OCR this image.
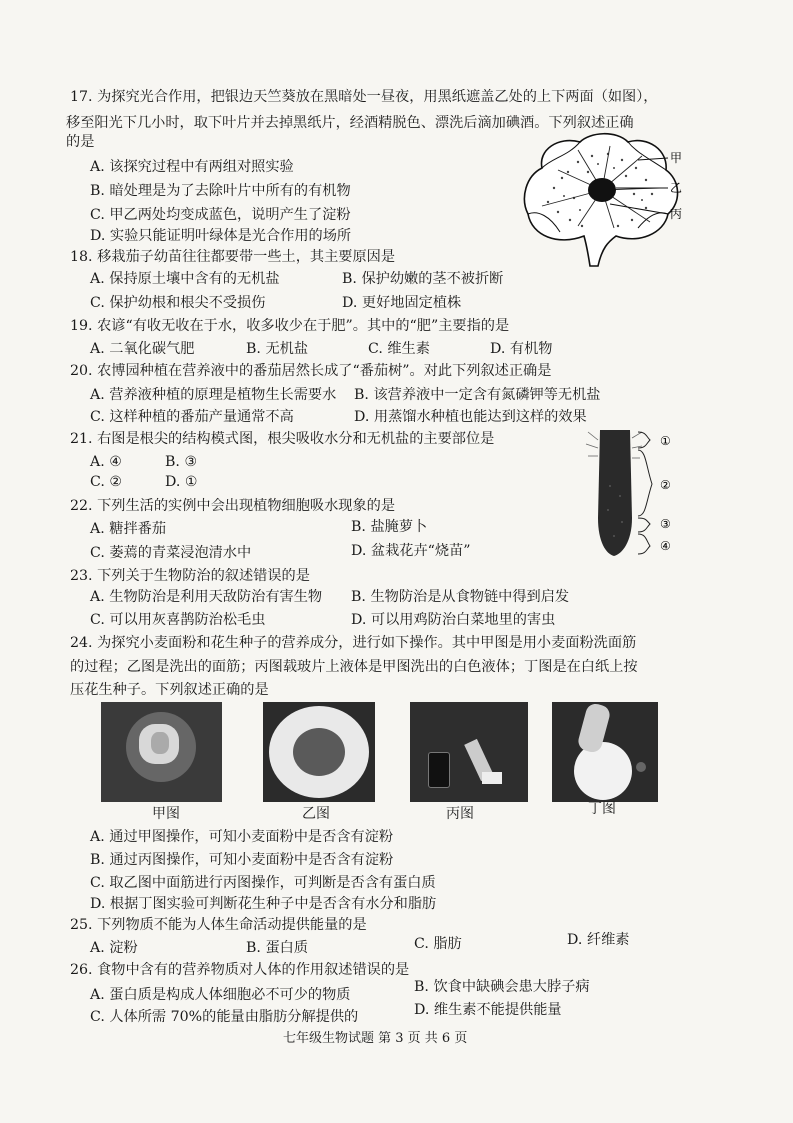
17. 为探究光合作用，把银边天竺葵放在黑暗处一昼夜，用黑纸遮盖乙处的上下两面（如图），
移至阳光下几小时，取下叶片并去掉黑纸片，经酒精脱色、漂洗后滴加碘酒。下列叙述正确
的是
A. 该探究过程中有两组对照实验
B. 暗处理是为了去除叶片中所有的有机物
C. 甲乙两处均变成蓝色，说明产生了淀粉
D. 实验只能证明叶绿体是光合作用的场所
甲
乙
丙
18. 移栽茄子幼苗往往都要带一些土，其主要原因是
A. 保持原土壤中含有的无机盐	B. 保护幼嫩的茎不被折断
C. 保护幼根和根尖不受损伤	D. 更好地固定植株
19. 农谚“有收无收在于水，收多收少在于肥”。其中的“肥”主要指的是
A. 二氧化碳气肥	B. 无机盐	C. 维生素	D. 有机物
20. 农博园种植在营养液中的番茄居然长成了“番茄树”。对此下列叙述正确是
A. 营养液种植的原理是植物生长需要水 B. 该营养液中一定含有氮磷钾等无机盐
C. 这样种植的番茄产量通常不高	D. 用蒸馏水种植也能达到这样的效果
21. 右图是根尖的结构模式图，根尖吸收水分和无机盐的主要部位是
A. ④	B. ③
C. ②	D. ①
①
②
③
④
22. 下列生活的实例中会出现植物细胞吸水现象的是
A. 糖拌番茄	B. 盐腌萝卜
C. 萎蔫的青菜浸泡清水中	D. 盆栽花卉“烧苗”
23. 下列关于生物防治的叙述错误的是
A. 生物防治是利用天敌防治有害生物 B. 生物防治是从食物链中得到启发
C. 可以用灰喜鹊防治松毛虫	D. 可以用鸡防治白菜地里的害虫
24. 为探究小麦面粉和花生种子的营养成分，进行如下操作。其中甲图是用小麦面粉洗面筋
的过程；乙图是洗出的面筋；丙图载玻片上液体是甲图洗出的白色液体；丁图是在白纸上按
压花生种子。下列叙述正确的是
甲图	乙图	丙图	丁图
A. 通过甲图操作，可知小麦面粉中是否含有淀粉
B. 通过丙图操作，可知小麦面粉中是否含有淀粉
C. 取乙图中面筋进行丙图操作，可判断是否含有蛋白质
D. 根据丁图实验可判断花生种子中是否含有水分和脂肪
25. 下列物质不能为人体生命活动提供能量的是
A. 淀粉	B. 蛋白质	C. 脂肪	D. 纤维素
26. 食物中含有的营养物质对人体的作用叙述错误的是
A. 蛋白质是构成人体细胞必不可少的物质	B. 饮食中缺碘会患大脖子病
C. 人体所需 70%的能量由脂肪分解提供的	D. 维生素不能提供能量
七年级生物试题 第 3 页 共 6 页
